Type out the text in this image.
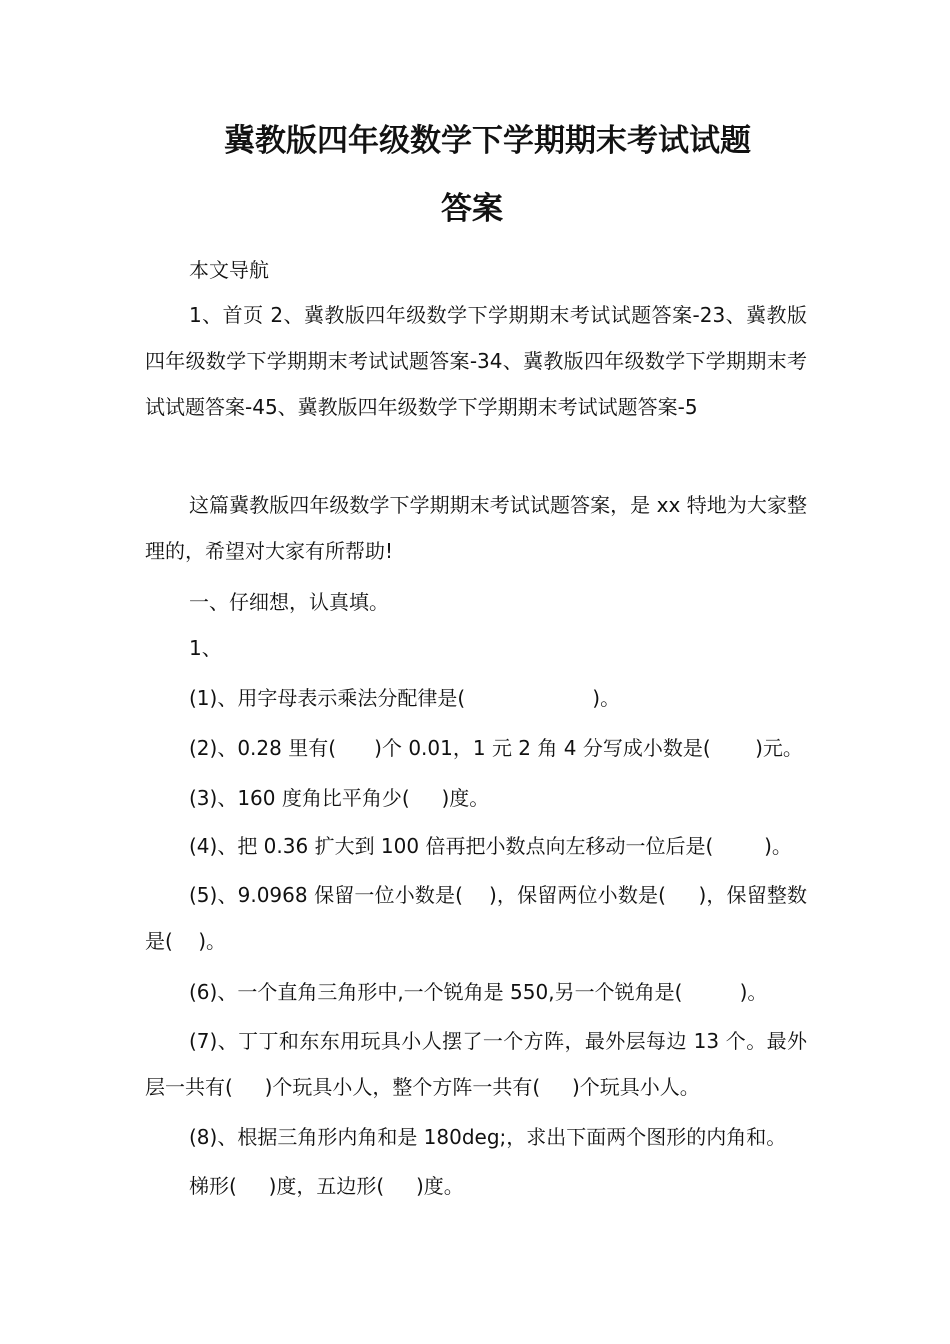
冀教版四年级数学下学期期末考试试题
答案
本文导航
1、首页 2、冀教版四年级数学下学期期末考试试题答案-23、冀教版四年级数学下学期期末考试试题答案-34、冀教版四年级数学下学期期末考试试题答案-45、冀教版四年级数学下学期期末考试试题答案-5
这篇冀教版四年级数学下学期期末考试试题答案，是 xx 特地为大家整理的，希望对大家有所帮助!
一、仔细想，认真填。
1、
(1)、用字母表示乘法分配律是(                    )。
(2)、0.28 里有(      )个 0.01，1 元 2 角 4 分写成小数是(       )元。
(3)、160 度角比平角少(     )度。
(4)、把 0.36 扩大到 100 倍再把小数点向左移动一位后是(        )。
(5)、9.0968 保留一位小数是(    )，保留两位小数是(     )，保留整数是(    )。
(6)、一个直角三角形中,一个锐角是 550,另一个锐角是(         )。
(7)、丁丁和东东用玩具小人摆了一个方阵，最外层每边 13 个。最外层一共有(     )个玩具小人，整个方阵一共有(     )个玩具小人。
(8)、根据三角形内角和是 180deg;，求出下面两个图形的内角和。
梯形(     )度，五边形(     )度。
